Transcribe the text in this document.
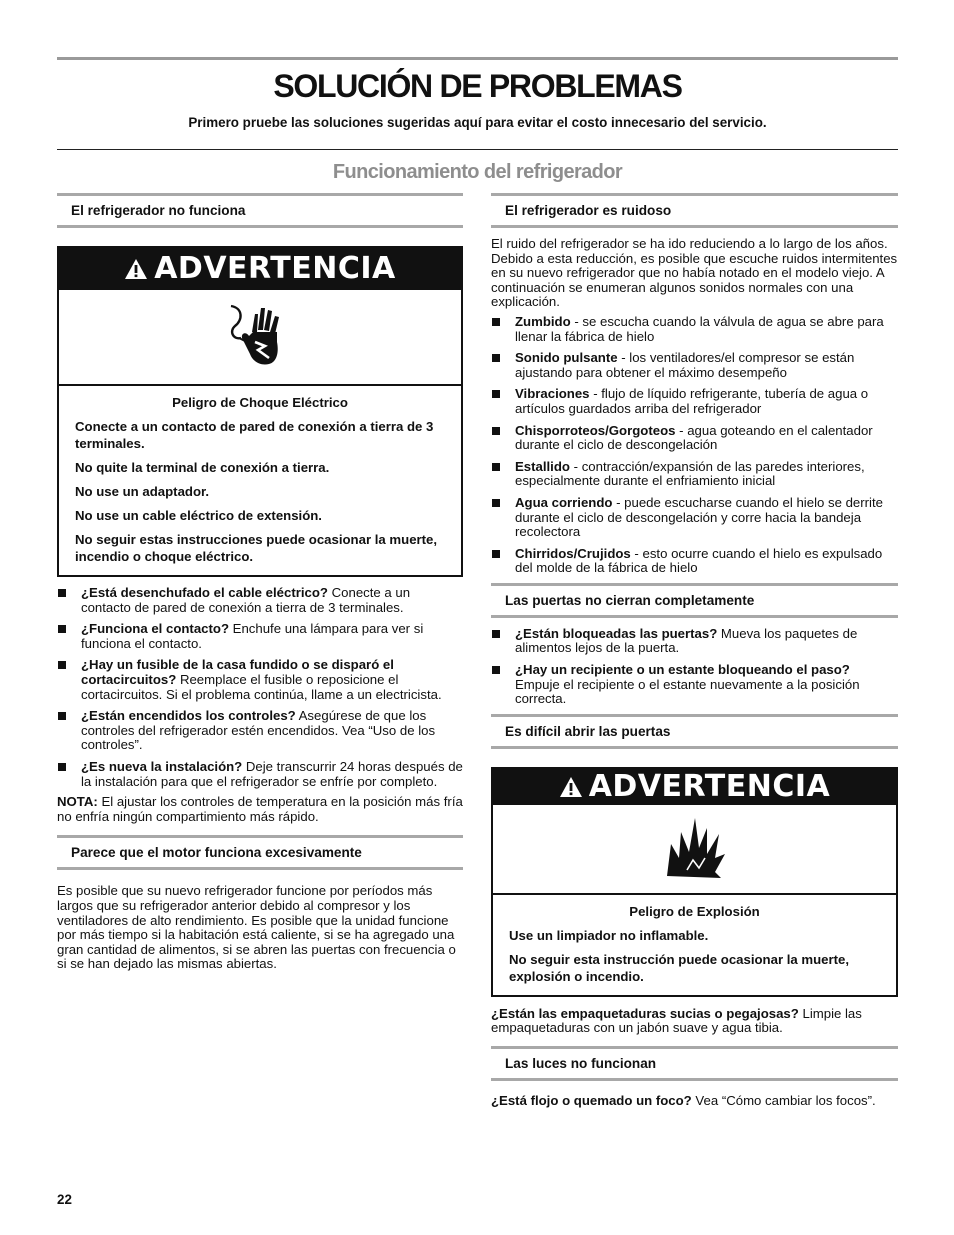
SOLUCIÓN DE PROBLEMAS
Primero pruebe las soluciones sugeridas aquí para evitar el costo innecesario del servicio.
Funcionamiento del refrigerador
El refrigerador no funciona
ADVERTENCIA
Peligro de Choque Eléctrico

Conecte a un contacto de pared de conexión a tierra de 3 terminales.

No quite la terminal de conexión a tierra.

No use un adaptador.

No use un cable eléctrico de extensión.

No seguir estas instrucciones puede ocasionar la muerte, incendio o choque eléctrico.

¿Está desenchufado el cable eléctrico? Conecte a un contacto de pared de conexión a tierra de 3 terminales.
¿Funciona el contacto? Enchufe una lámpara para ver si funciona el contacto.
¿Hay un fusible de la casa fundido o se disparó el cortacircuitos? Reemplace el fusible o reposicione el cortacircuitos. Si el problema continúa, llame a un electricista.
¿Están encendidos los controles? Asegúrese de que los controles del refrigerador estén encendidos. Vea “Uso de los controles”.
¿Es nueva la instalación? Deje transcurrir 24 horas después de la instalación para que el refrigerador se enfríe por completo.
NOTA: El ajustar los controles de temperatura en la posición más fría no enfría ningún compartimiento más rápido.
Parece que el motor funciona excesivamente
Es posible que su nuevo refrigerador funcione por períodos más largos que su refrigerador anterior debido al compresor y los ventiladores de alto rendimiento. Es posible que la unidad funcione por más tiempo si la habitación está caliente, si se ha agregado una gran cantidad de alimentos, si se abren las puertas con frecuencia o si se han dejado las mismas abiertas.
El refrigerador es ruidoso
El ruido del refrigerador se ha ido reduciendo a lo largo de los años. Debido a esta reducción, es posible que escuche ruidos intermitentes en su nuevo refrigerador que no había notado en el modelo viejo. A continuación se enumeran algunos sonidos normales con una explicación.
Zumbido - se escucha cuando la válvula de agua se abre para llenar la fábrica de hielo
Sonido pulsante - los ventiladores/el compresor se están ajustando para obtener el máximo desempeño
Vibraciones - flujo de líquido refrigerante, tubería de agua o artículos guardados arriba del refrigerador
Chisporroteos/Gorgoteos - agua goteando en el calentador durante el ciclo de descongelación
Estallido - contracción/expansión de las paredes interiores, especialmente durante el enfriamiento inicial
Agua corriendo - puede escucharse cuando el hielo se derrite durante el ciclo de descongelación y corre hacia la bandeja recolectora
Chirridos/Crujidos - esto ocurre cuando el hielo es expulsado del molde de la fábrica de hielo
Las puertas no cierran completamente
¿Están bloqueadas las puertas? Mueva los paquetes de alimentos lejos de la puerta.
¿Hay un recipiente o un estante bloqueando el paso? Empuje el recipiente o el estante nuevamente a la posición correcta.
Es difícil abrir las puertas
ADVERTENCIA
Peligro de Explosión

Use un limpiador no inflamable.

No seguir esta instrucción puede ocasionar la muerte, explosión o incendio.

¿Están las empaquetaduras sucias o pegajosas? Limpie las empaquetaduras con un jabón suave y agua tibia.
Las luces no funcionan
¿Está flojo o quemado un foco? Vea “Cómo cambiar los focos”.
22
